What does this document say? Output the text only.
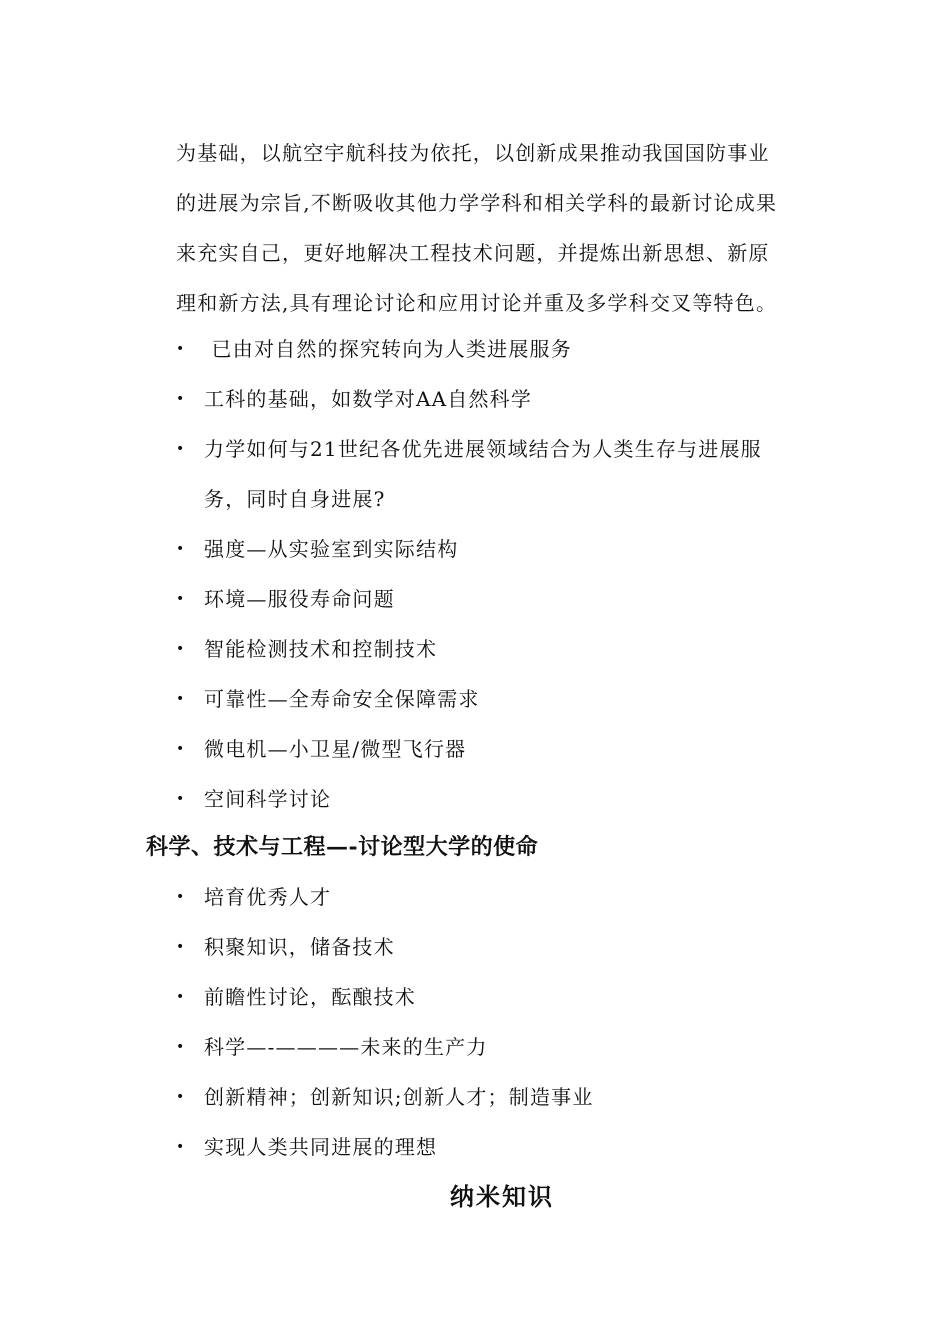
为基础，以航空宇航科技为依托，以创新成果推动我国国防事业
的进展为宗旨,不断吸收其他力学学科和相关学科的最新讨论成果
来充实自己，更好地解决工程技术问题，并提炼出新思想、新原
理和新方法,具有理论讨论和应用讨论并重及多学科交叉等特色。
• 已由对自然的探究转向为人类进展服务
• 工科的基础，如数学对AA自然科学
• 力学如何与21世纪各优先进展领域结合为人类生存与进展服
务，同时自身进展?
• 强度—从实验室到实际结构
• 环境—服役寿命问题
• 智能检测技术和控制技术
• 可靠性—全寿命安全保障需求
• 微电机—小卫星/微型飞行器
• 空间科学讨论
科学、技术与工程—-讨论型大学的使命
• 培育优秀人才
• 积聚知识，储备技术
• 前瞻性讨论，酝酿技术
• 科学—-————未来的生产力
• 创新精神；创新知识;创新人才；制造事业
• 实现人类共同进展的理想
纳米知识
